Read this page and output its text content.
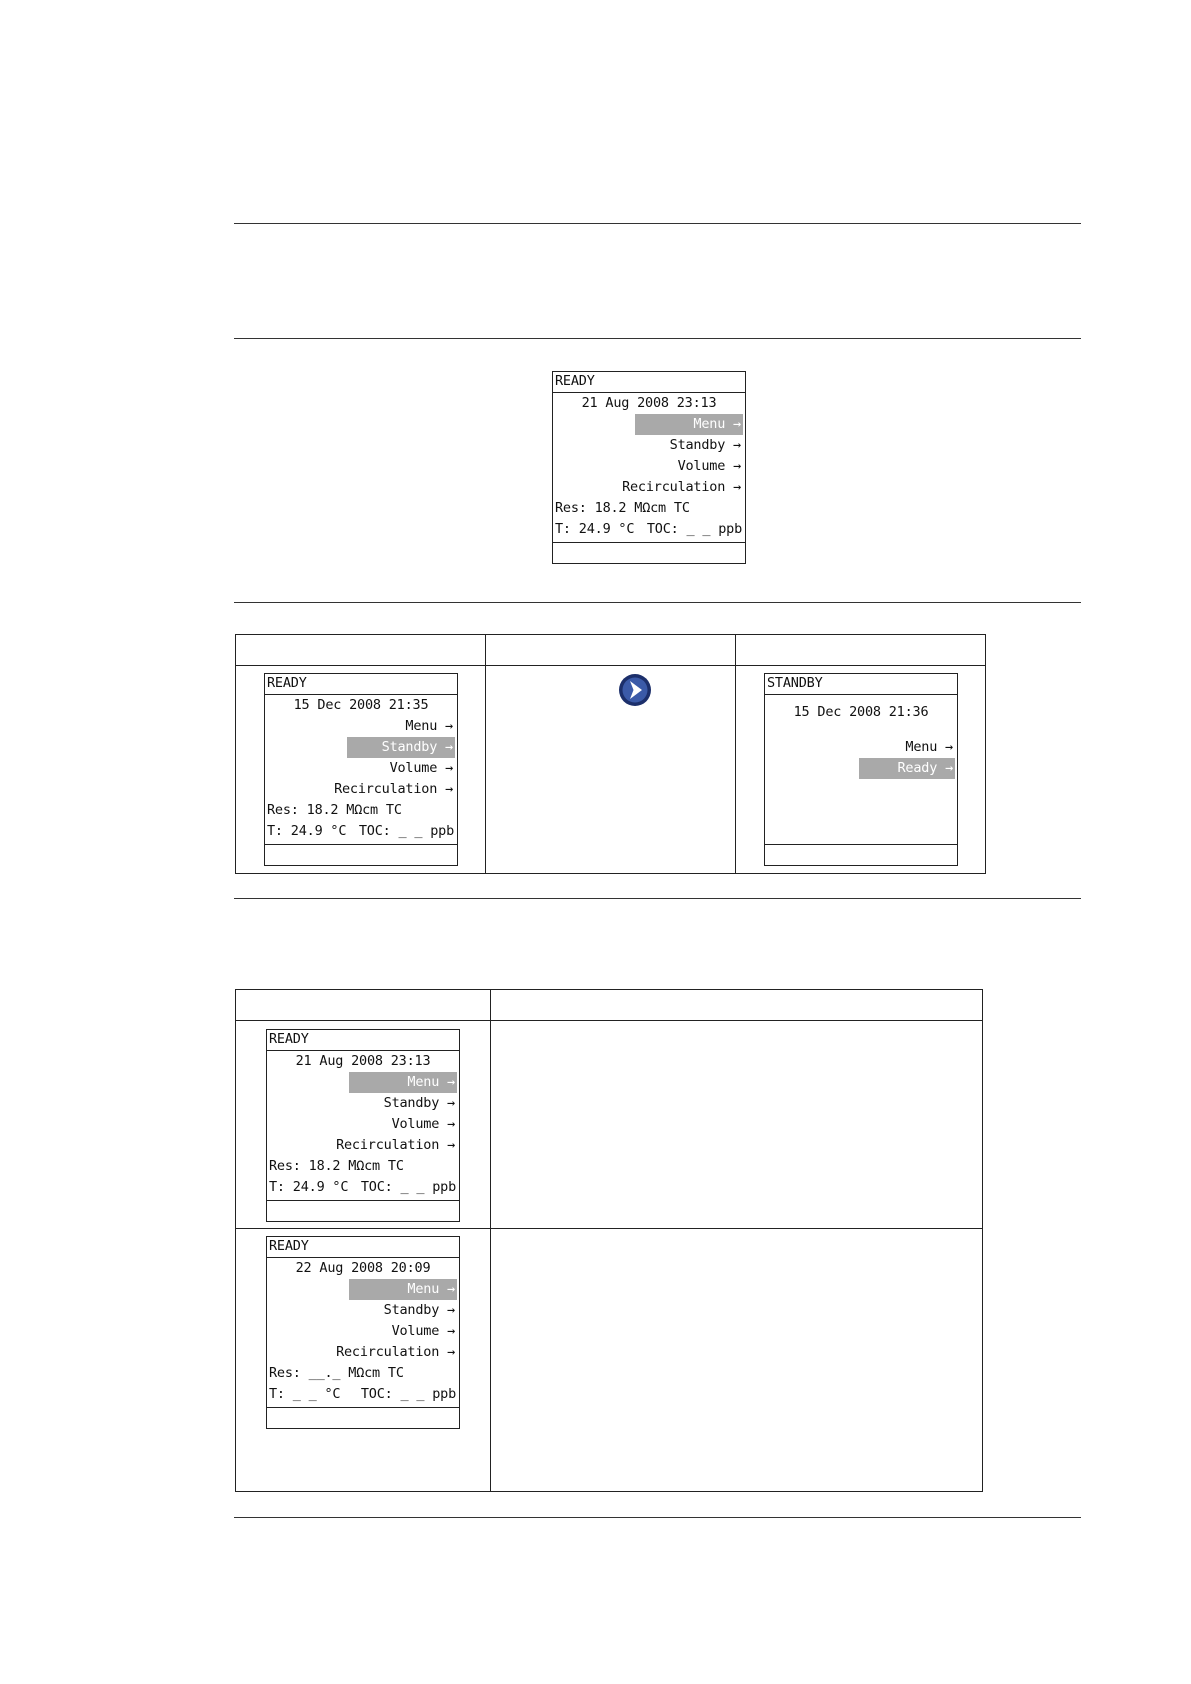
READY
21 Aug 2008 23:13
Menu →
Standby →
Volume →
Recirculation →
Res: 18.2 MΩcm TC
T: 24.9 °C TOC: _ _ ppb
READY
15 Dec 2008 21:35
Menu →
Standby →
Volume →
Recirculation →
Res: 18.2 MΩcm TC
T: 24.9 °C TOC: _ _ ppb
STANDBY
15 Dec 2008 21:36
Menu →
Ready →
READY
21 Aug 2008 23:13
Menu →
Standby →
Volume →
Recirculation →
Res: 18.2 MΩcm TC
T: 24.9 °C TOC: _ _ ppb
READY
22 Aug 2008 20:09
Menu →
Standby →
Volume →
Recirculation →
Res: __._ MΩcm TC
T: _ _ °C TOC: _ _ ppb
